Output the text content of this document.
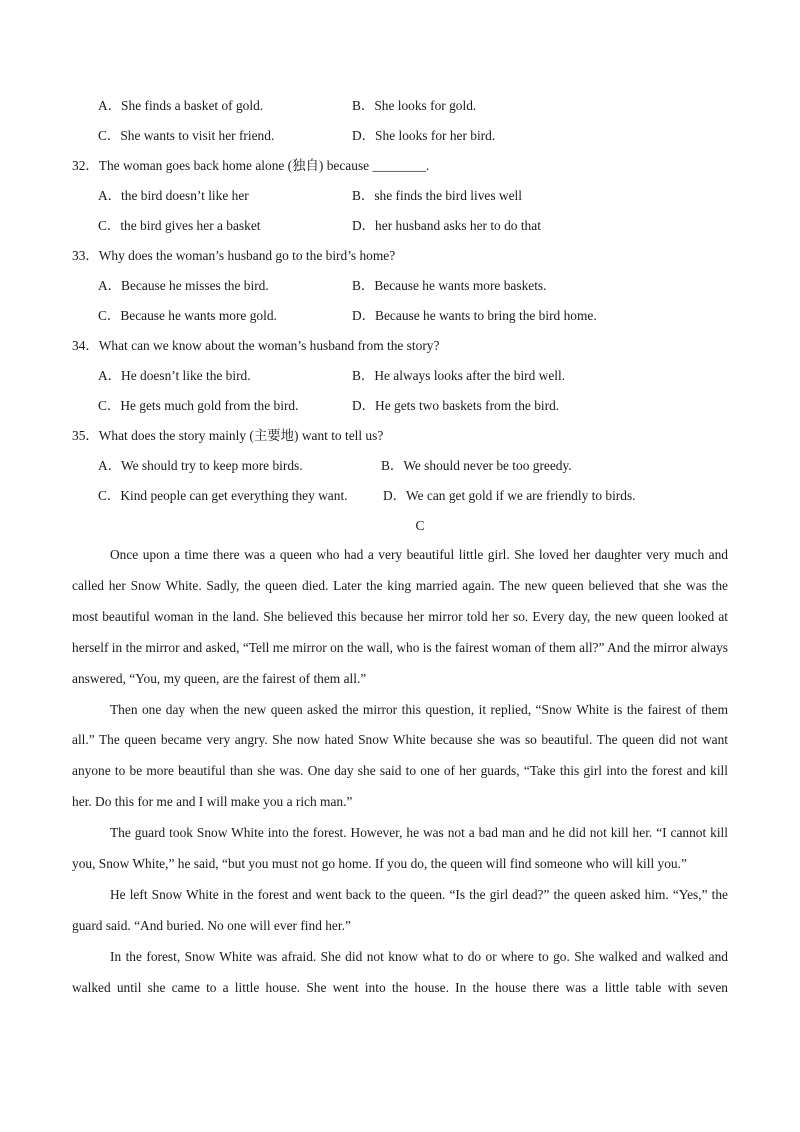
A．She finds a basket of gold.	B．She looks for gold.
C．She wants to visit her friend.	D．She looks for her bird.
32．The woman goes back home alone (独自) because ________.
A．the bird doesn’t like her	B．she finds the bird lives well
C．the bird gives her a basket	D．her husband asks her to do that
33．Why does the woman’s husband go to the bird’s home?
A．Because he misses the bird.	B．Because he wants more baskets.
C．Because he wants more gold.	D．Because he wants to bring the bird home.
34．What can we know about the woman’s husband from the story?
A．He doesn’t like the bird.	B．He always looks after the bird well.
C．He gets much gold from the bird.	D．He gets two baskets from the bird.
35．What does the story mainly (主要地) want to tell us?
A．We should try to keep more birds.	B．We should never be too greedy.
C．Kind people can get everything they want.	D．We can get gold if we are friendly to birds.
C

Once upon a time there was a queen who had a very beautiful little girl. She loved her daughter very much and called her Snow White. Sadly, the queen died. Later the king married again. The new queen believed that she was the most beautiful woman in the land. She believed this because her mirror told her so. Every day, the new queen looked at herself in the mirror and asked, “Tell me mirror on the wall, who is the fairest woman of them all?” And the mirror always answered, “You, my queen, are the fairest of them all.”

Then one day when the new queen asked the mirror this question, it replied, “Snow White is the fairest of them all.” The queen became very angry. She now hated Snow White because she was so beautiful. The queen did not want anyone to be more beautiful than she was. One day she said to one of her guards, “Take this girl into the forest and kill her. Do this for me and I will make you a rich man.”

The guard took Snow White into the forest. However, he was not a bad man and he did not kill her. “I cannot kill you, Snow White,” he said, “but you must not go home. If you do, the queen will find someone who will kill you.”

He left Snow White in the forest and went back to the queen. “Is the girl dead?” the queen asked him. “Yes,” the guard said. “And buried. No one will ever find her.”

In the forest, Snow White was afraid. She did not know what to do or where to go. She walked and walked and walked until she came to a little house. She went into the house. In the house there was a little table with seven
